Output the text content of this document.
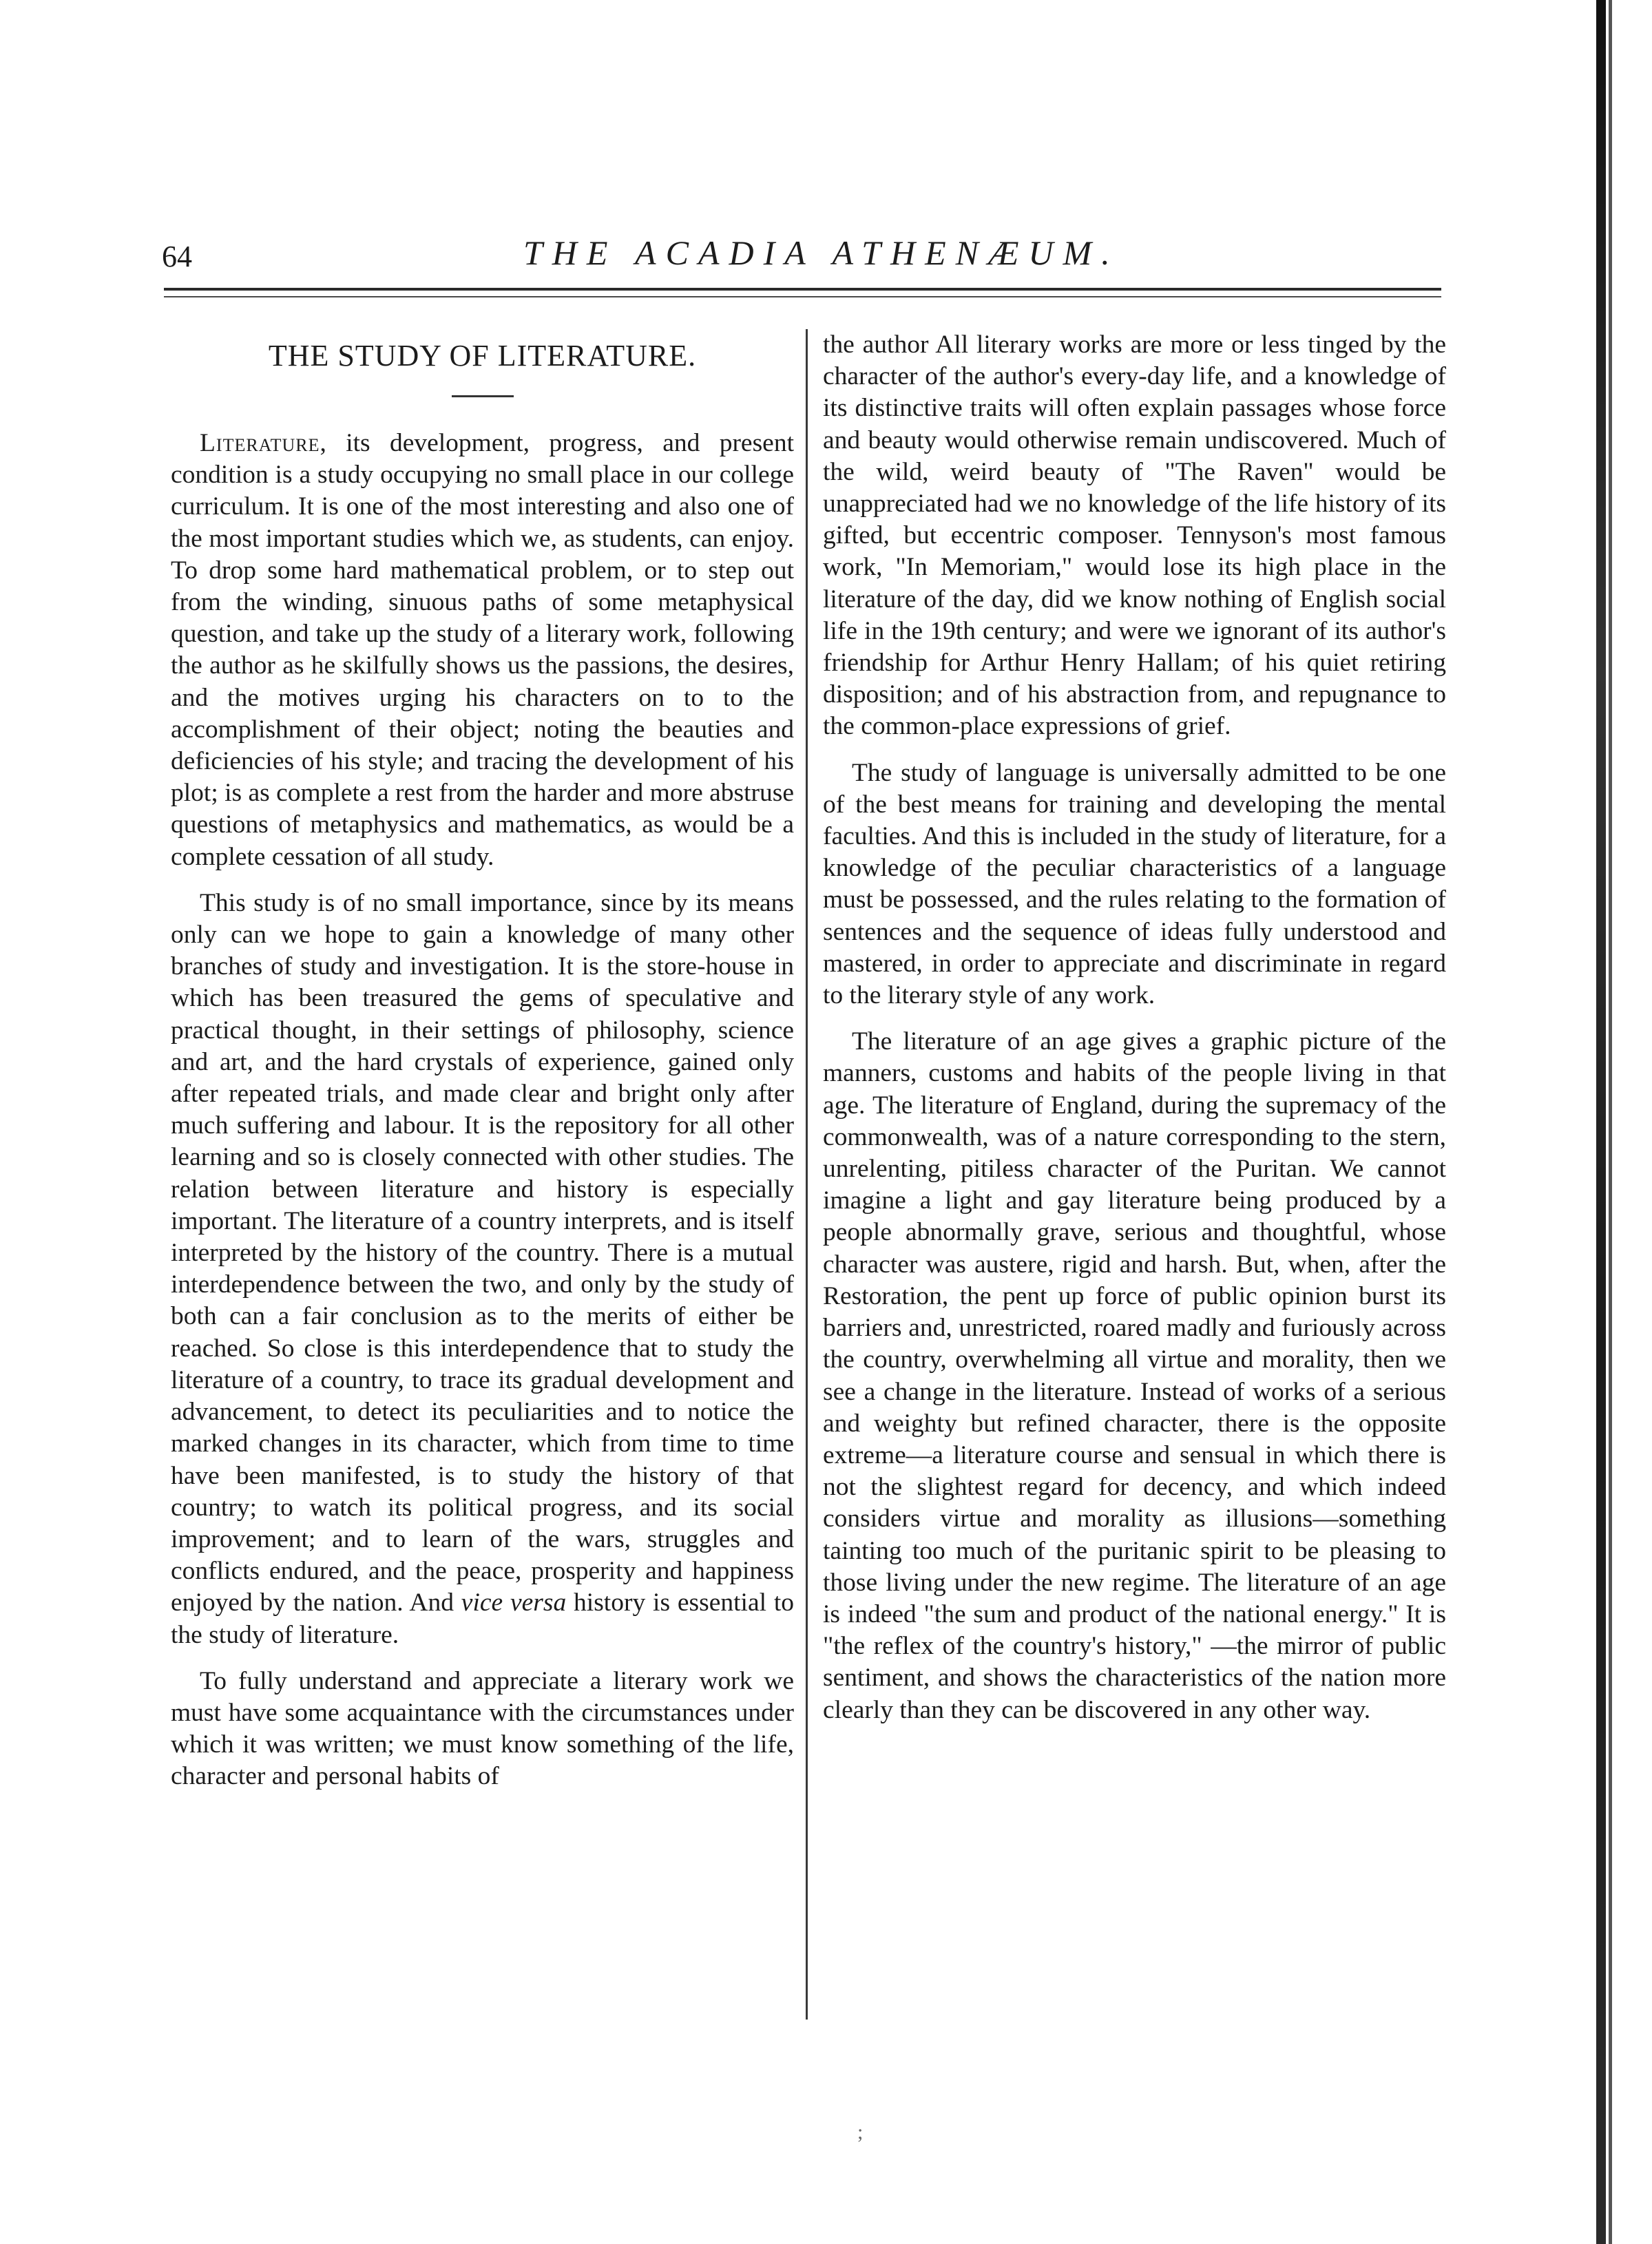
64	THE ACADIA ATHENÆUM.
THE STUDY OF LITERATURE.

Literature, its development, progress, and present condition is a study occupying no small place in our college curriculum. It is one of the most interesting and also one of the most important studies which we, as students, can enjoy. To drop some hard mathematical problem, or to step out from the winding, sinuous paths of some metaphysical question, and take up the study of a literary work, following the author as he skilfully shows us the passions, the desires, and the motives urging his characters on to to the accomplishment of their object; noting the beauties and deficiencies of his style; and tracing the development of his plot; is as complete a rest from the harder and more abstruse questions of metaphysics and mathematics, as would be a complete cessation of all study.

This study is of no small importance, since by its means only can we hope to gain a knowledge of many other branches of study and investigation. It is the store-house in which has been treasured the gems of speculative and practical thought, in their settings of philosophy, science and art, and the hard crystals of experience, gained only after repeated trials, and made clear and bright only after much suffering and labour. It is the repository for all other learning and so is closely connected with other studies. The relation between literature and history is especially important. The literature of a country interprets, and is itself interpreted by the history of the country. There is a mutual interdependence between the two, and only by the study of both can a fair conclusion as to the merits of either be reached. So close is this interdependence that to study the literature of a country, to trace its gradual development and advancement, to detect its peculiarities and to notice the marked changes in its character, which from time to time have been manifested, is to study the history of that country; to watch its political progress, and its social improvement; and to learn of the wars, struggles and conflicts endured, and the peace, prosperity and happiness enjoyed by the nation. And vice versa history is essential to the study of literature.

To fully understand and appreciate a literary work we must have some acquaintance with the circumstances under which it was written; we must know something of the life, character and personal habits of

the author All literary works are more or less tinged by the character of the author's every-day life, and a knowledge of its distinctive traits will often explain passages whose force and beauty would otherwise remain undiscovered. Much of the wild, weird beauty of "The Raven" would be unappreciated had we no knowledge of the life history of its gifted, but eccentric composer. Tennyson's most famous work, "In Memoriam," would lose its high place in the literature of the day, did we know nothing of English social life in the 19th century; and were we ignorant of its author's friendship for Arthur Henry Hallam; of his quiet retiring disposition; and of his abstraction from, and repugnance to the common-place expressions of grief.

The study of language is universally admitted to be one of the best means for training and developing the mental faculties. And this is included in the study of literature, for a knowledge of the peculiar characteristics of a language must be possessed, and the rules relating to the formation of sentences and the sequence of ideas fully understood and mastered, in order to appreciate and discriminate in regard to the literary style of any work.

The literature of an age gives a graphic picture of the manners, customs and habits of the people living in that age. The literature of England, during the supremacy of the commonwealth, was of a nature corresponding to the stern, unrelenting, pitiless character of the Puritan. We cannot imagine a light and gay literature being produced by a people abnormally grave, serious and thoughtful, whose character was austere, rigid and harsh. But, when, after the Restoration, the pent up force of public opinion burst its barriers and, unrestricted, roared madly and furiously across the country, overwhelming all virtue and morality, then we see a change in the literature. Instead of works of a serious and weighty but refined character, there is the opposite extreme—a literature course and sensual in which there is not the slightest regard for decency, and which indeed considers virtue and morality as illusions—something tainting too much of the puritanic spirit to be pleasing to those living under the new regime. The literature of an age is indeed "the sum and product of the national energy." It is "the reflex of the country's history," —the mirror of public sentiment, and shows the characteristics of the nation more clearly than they can be discovered in any other way.

;
